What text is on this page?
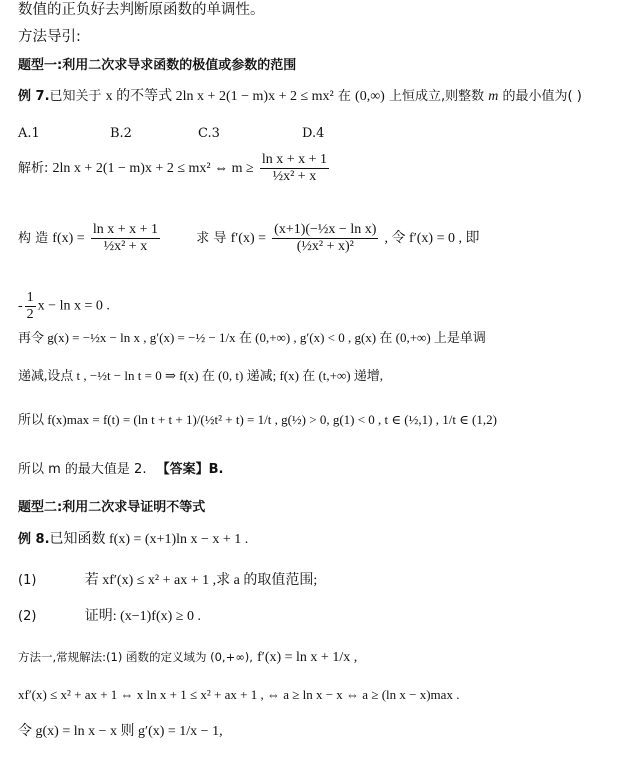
数值的正负好去判断原函数的单调性。
方法导引:
题型一:利用二次求导求函数的极值或参数的范围
例 7.已知关于 x 的不等式 2ln x + 2(1 − m)x + 2 ≤ mx² 在 (0,∞) 上恒成立,则整数 m 的最小值为( )
A.1	B.2	C.3	D.4
解析: 2ln x + 2(1 − m)x + 2 ≤ mx² ⇔ $m \ge \frac{\text{ln x + x + 1}}{\text{½x² + x}}$
构 造 $f(x) = \frac{\text{ln x + x + 1}}{\text{½x² + x}}$	求 导 $f'(x) = \frac{\text{(x+1)(−½x − ln x)}}{\text{(½x² + x)²}}$ , 令 f′(x) = 0 , 即
- $\frac{1}{2}$ x − ln x = 0 .
再令 g(x) = −½x − ln x , g′(x) = −½ − 1/x 在 (0,+∞) , g′(x) < 0 , g(x) 在 (0,+∞) 上是单调
递减,设点 t , −½t − ln t = 0 ⇒ f(x) 在 (0, t) 递减; f(x) 在 (t,+∞) 递增,
所以 f(x)max = f(t) = (ln t + t + 1)/(½t² + t) = 1/t , g(½) > 0, g(1) < 0 , t ∈ (½,1) , 1/t ∈ (1,2)
所以 m 的最大值是 2. 【答案】B.
题型二:利用二次求导证明不等式
例 8.已知函数 f(x) = (x+1)ln x − x + 1 .
(1)	若 xf′(x) ≤ x² + ax + 1 ,求 a 的取值范围;
(2)	证明: (x−1)f(x) ≥ 0 .
方法一,常规解法:(1) 函数的定义域为 (0,+∞), f′(x) = ln x + 1/x ,
xf′(x) ≤ x² + ax + 1 ⇔ x ln x + 1 ≤ x² + ax + 1 , ⇔ a ≥ ln x − x ⇔ a ≥ (ln x − x)max .
令 g(x) = ln x − x 则 g′(x) = 1/x − 1,
